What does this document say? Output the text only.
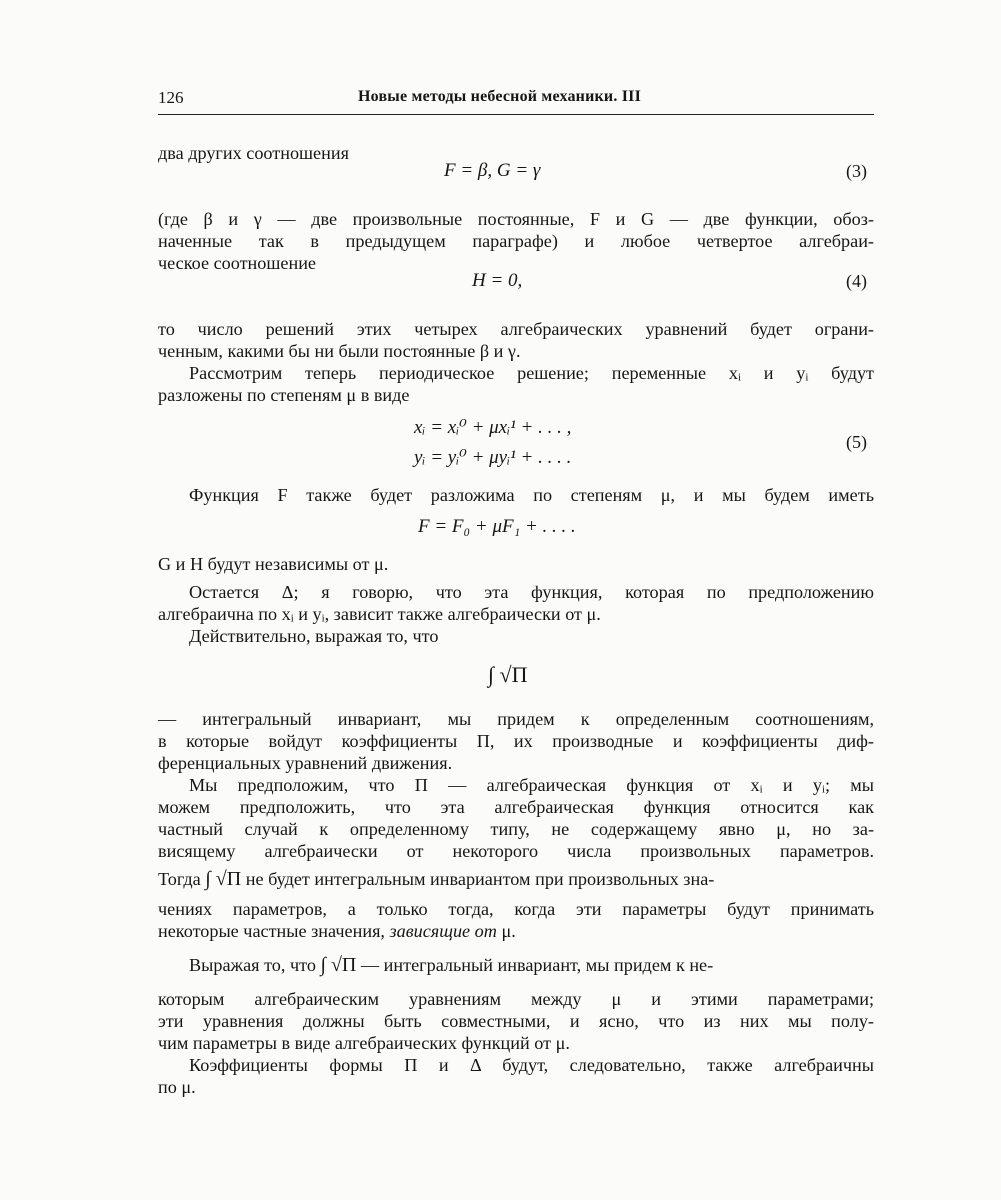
126	Новые методы небесной механики. III
два других соотношения
F = β, G = γ	(3)
(где β и γ — две произвольные постоянные, F и G — две функции, обоз-
наченные так в предыдущем параграфе) и любое четвертое алгебраи-
ческое соотношение
H = 0,	(4)
то число решений этих четырех алгебраических уравнений будет ограни-
ченным, какими бы ни были постоянные β и γ.
Рассмотрим теперь периодическое решение; переменные xᵢ и yᵢ будут
разложены по степеням μ в виде
xᵢ = xᵢ⁰ + μxᵢ¹ + . . . ,
yᵢ = yᵢ⁰ + μyᵢ¹ + . . . .
(5)
Функция F также будет разложима по степеням μ, и мы будем иметь
F = F₀ + μF₁ + . . . .
G и H будут независимы от μ.
Остается Δ; я говорю, что эта функция, которая по предположению
алгебраична по xᵢ и yᵢ, зависит также алгебраически от μ.
Действительно, выражая то, что
∫ √Π
— интегральный инвариант, мы придем к определенным соотношениям,
в которые войдут коэффициенты Π, их производные и коэффициенты диф-
ференциальных уравнений движения.
Мы предположим, что Π — алгебраическая функция от xᵢ и yᵢ; мы
можем предположить, что эта алгебраическая функция относится как
частный случай к определенному типу, не содержащему явно μ, но за-
висящему алгебраически от некоторого числа произвольных параметров.
Тогда ∫ √Π не будет интегральным инвариантом при произвольных зна-
чениях параметров, а только тогда, когда эти параметры будут принимать
некоторые частные значения, зависящие от μ.
Выражая то, что ∫ √Π — интегральный инвариант, мы придем к не-
которым алгебраическим уравнениям между μ и этими параметрами;
эти уравнения должны быть совместными, и ясно, что из них мы полу-
чим параметры в виде алгебраических функций от μ.
Коэффициенты формы Π и Δ будут, следовательно, также алгебраичны
по μ.
